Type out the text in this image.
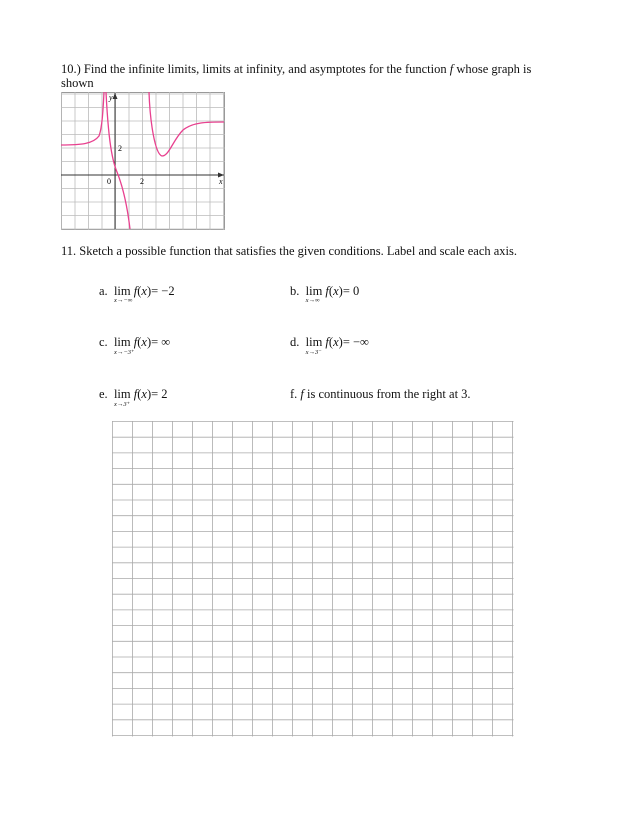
10.) Find the infinite limits, limits at infinity, and asymptotes for the function f whose graph is shown
y
x
2
0	2
11. Sketch a possible function that satisfies the given conditions. Label and scale each axis.
a. lim
x→−∞
f(x)= −2	b. lim
x→∞
f(x)= 0
c. lim
x→−3⁺
f(x)= ∞	d. lim
x→3⁻
f(x)= −∞
e. lim
x→3⁺
f(x)= 2	f. f is continuous from the right at 3.
